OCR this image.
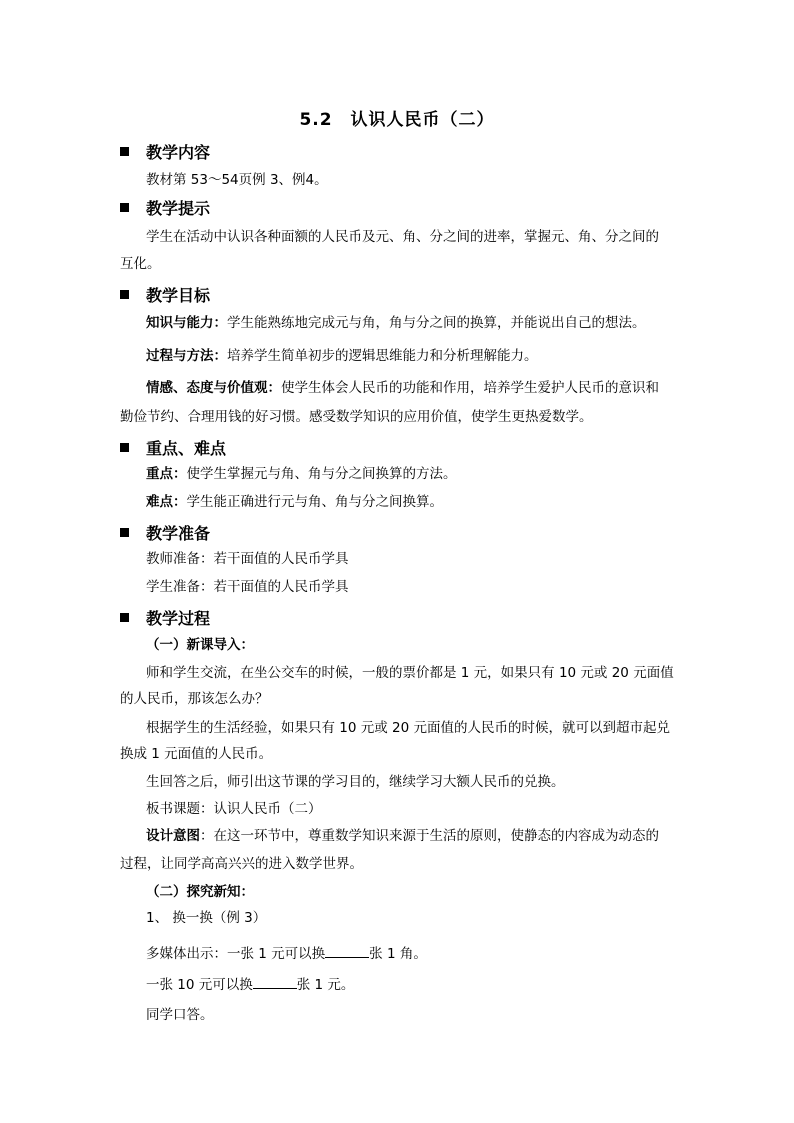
5.2　认识人民币（二）
教学内容
教材第 53～54页例 3、例4。
教学提示
学生在活动中认识各种面额的人民币及元、角、分之间的进率，掌握元、角、分之间的
互化。
教学目标
知识与能力：学生能熟练地完成元与角，角与分之间的换算，并能说出自己的想法。
过程与方法：培养学生简单初步的逻辑思维能力和分析理解能力。
情感、态度与价值观：使学生体会人民币的功能和作用，培养学生爱护人民币的意识和
勤俭节约、合理用钱的好习惯。感受数学知识的应用价值，使学生更热爱数学。
重点、难点
重点：使学生掌握元与角、角与分之间换算的方法。
难点：学生能正确进行元与角、角与分之间换算。
教学准备
教师准备：若干面值的人民币学具
学生准备：若干面值的人民币学具
教学过程
（一）新课导入：
师和学生交流，在坐公交车的时候，一般的票价都是 1 元，如果只有 10 元或 20 元面值
的人民币，那该怎么办？
根据学生的生活经验，如果只有 10 元或 20 元面值的人民币的时候，就可以到超市起兑
换成 1 元面值的人民币。
生回答之后，师引出这节课的学习目的，继续学习大额人民币的兑换。
板书课题：认识人民币（二）
设计意图：在这一环节中，尊重数学知识来源于生活的原则，使静态的内容成为动态的
过程，让同学高高兴兴的进入数学世界。
（二）探究新知：
1、 换一换（例 3）
多媒体出示：一张 1 元可以换	张 1 角。
一张 10 元可以换	张 1 元。
同学口答。
